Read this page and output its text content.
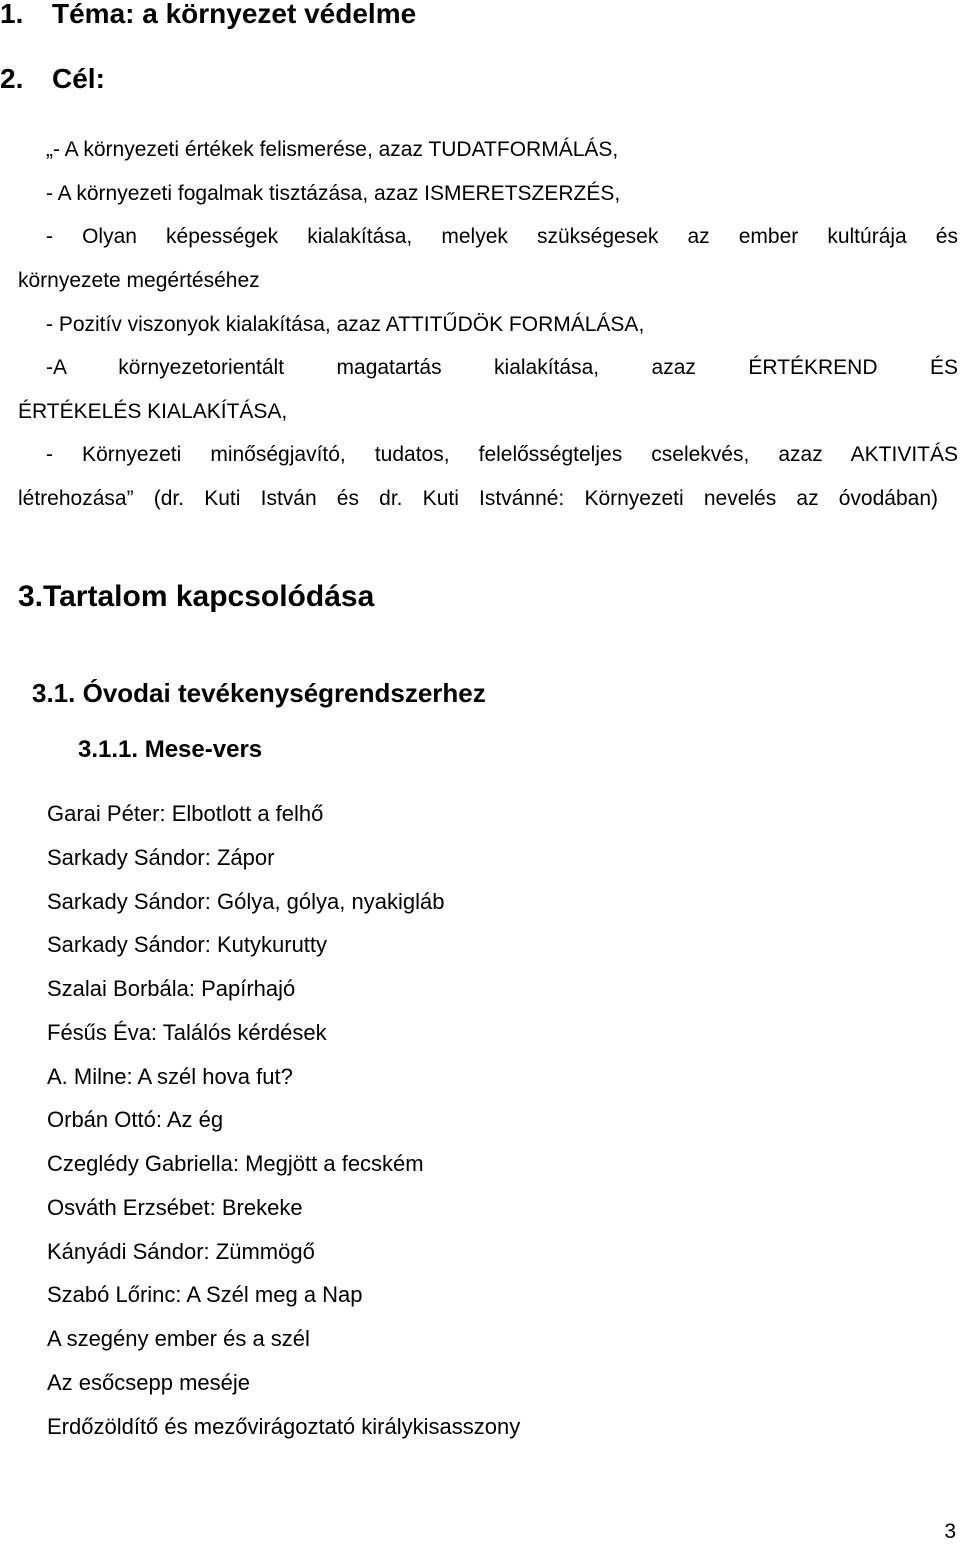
1. Téma: a környezet védelme
2. Cél:
„- A környezeti értékek felismerése, azaz TUDATFORMÁLÁS,
- A környezeti fogalmak tisztázása, azaz ISMERETSZERZÉS,
- Olyan képességek kialakítása, melyek szükségesek az ember kultúrája és
környezete megértéséhez
- Pozitív viszonyok kialakítása, azaz ATTITŰDÖK FORMÁLÁSA,
-A környezetorientált magatartás kialakítása, azaz ÉRTÉKREND ÉS
ÉRTÉKELÉS KIALAKÍTÁSA,
- Környezeti minőségjavító, tudatos, felelősségteljes cselekvés, azaz AKTIVITÁS
létrehozása” (dr. Kuti István és dr. Kuti Istvánné: Környezeti nevelés az óvodában)
3.Tartalom kapcsolódása
3.1. Óvodai tevékenységrendszerhez
3.1.1. Mese-vers
Garai Péter: Elbotlott a felhő
Sarkady Sándor: Zápor
Sarkady Sándor: Gólya, gólya, nyakigláb
Sarkady Sándor: Kutykurutty
Szalai Borbála: Papírhajó
Fésűs Éva: Találós kérdések
A. Milne: A szél hova fut?
Orbán Ottó: Az ég
Czeglédy Gabriella: Megjött a fecském
Osváth Erzsébet: Brekeke
Kányádi Sándor: Zümmögő
Szabó Lőrinc: A Szél meg a Nap
A szegény ember és a szél
Az esőcsepp meséje
Erdőzöldítő és mezővirágoztató királykisasszony
3
